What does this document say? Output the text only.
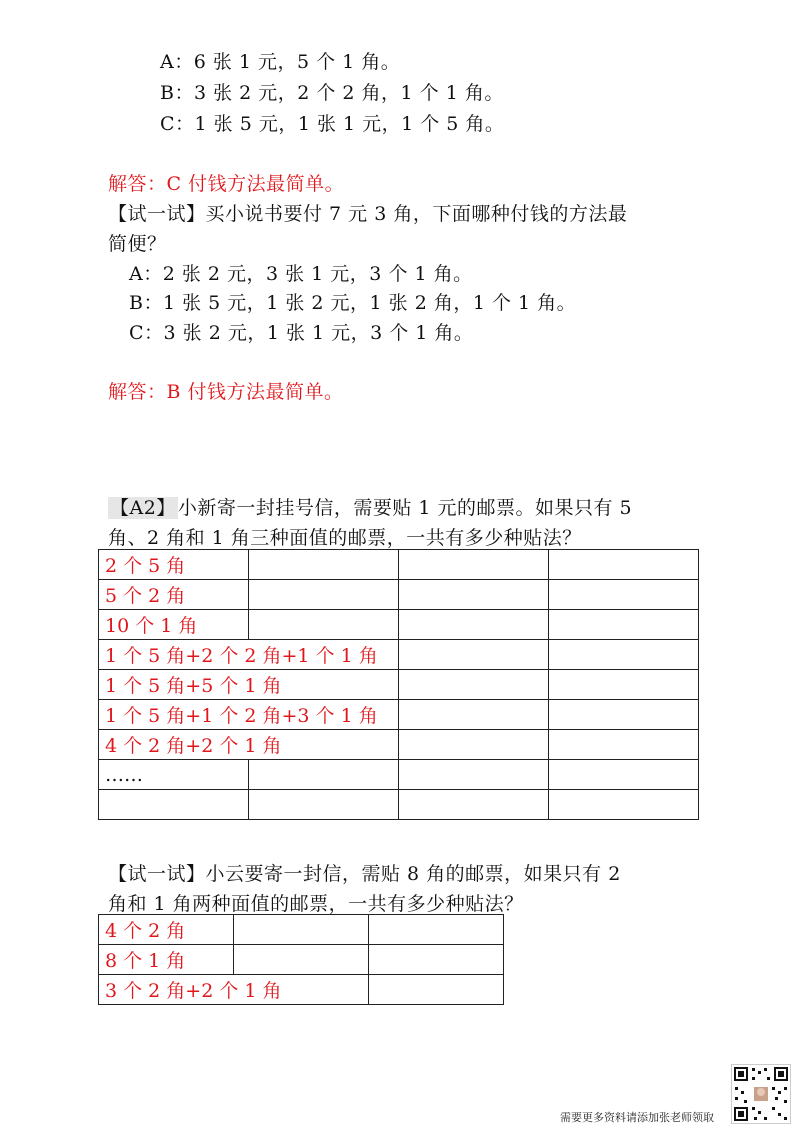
A：6 张 1 元，5 个 1 角。
B：3 张 2 元，2 个 2 角，1 个 1 角。
C：1 张 5 元，1 张 1 元，1 个 5 角。
解答：C 付钱方法最简单。
【试一试】买小说书要付 7 元 3 角，下面哪种付钱的方法最
简便？
A：2 张 2 元，3 张 1 元，3 个 1 角。
B：1 张 5 元，1 张 2 元，1 张 2 角，1 个 1 角。
C：3 张 2 元，1 张 1 元，3 个 1 角。
解答：B 付钱方法最简单。
【A2】 小新寄一封挂号信，需要贴 1 元的邮票。如果只有 5
角、2 角和 1 角三种面值的邮票，一共有多少种贴法？
2 个 5 角			
5 个 2 角			
10 个 1 角			
1 个 5 角+2 个 2 角+1 个 1 角			
1 个 5 角+5 个 1 角			
1 个 5 角+1 个 2 角+3 个 1 角			
4 个 2 角+2 个 1 角			
……			

【试一试】小云要寄一封信，需贴 8 角的邮票，如果只有 2
角和 1 角两种面值的邮票，一共有多少种贴法？
4 个 2 角		
8 个 1 角		
3 个 2 角+2 个 1 角		
需要更多资料请添加张老师领取
